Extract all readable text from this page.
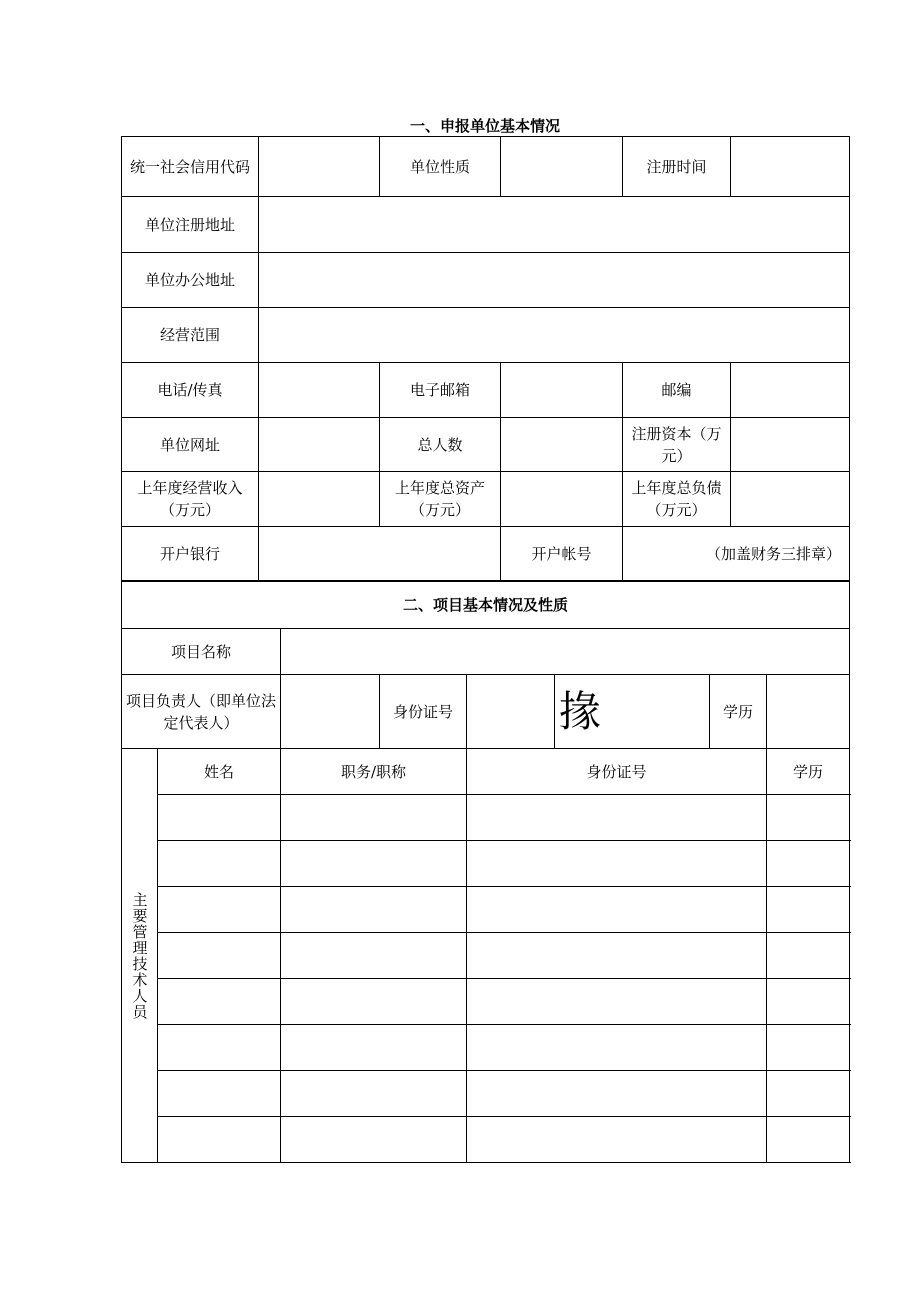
一、申报单位基本情况
统一社会信用代码		单位性质		注册时间	
单位注册地址					
单位办公地址					
经营范围					
电话/传真		电子邮箱		邮编	
单位网址		总人数		注册资本（万元）	
上年度经营收入（万元）		上年度总资产（万元）		上年度总负债（万元）	
开户银行			开户帐号	（加盖财务三排章）	
二、项目基本情况及性质							
项目名称							
项目负责人（即单位法定代表人）			身份证号		掾	学历	
主要管理技术人员	姓名	职务/职称		身份证号			学历
